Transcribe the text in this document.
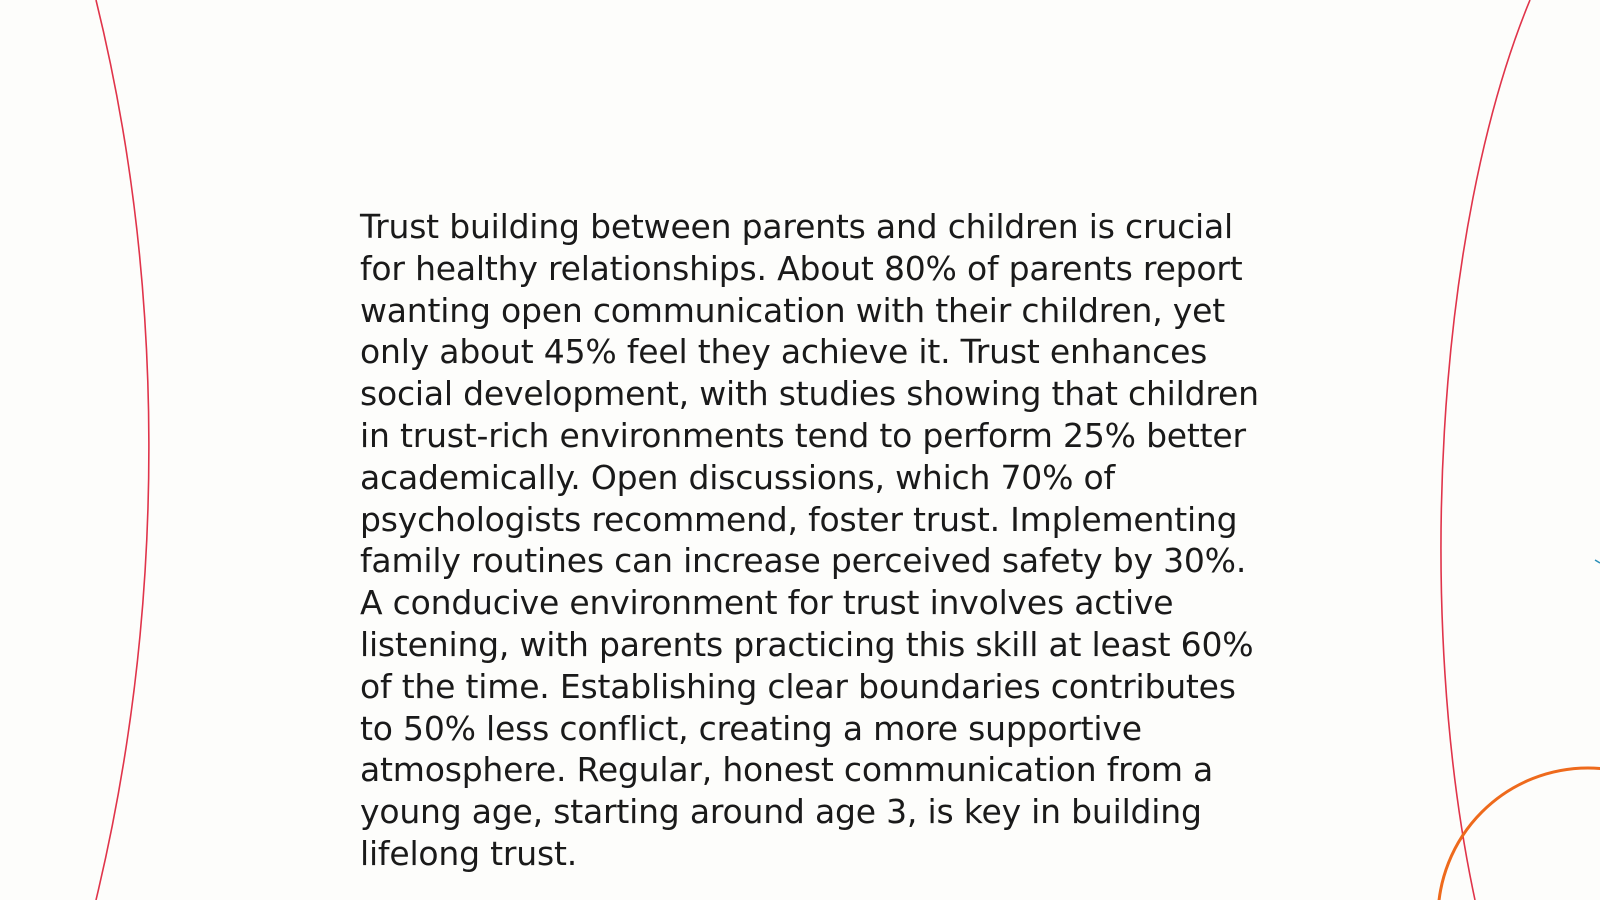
Trust building between parents and children is crucial for healthy relationships. About 80% of parents report wanting open communication with their children, yet only about 45% feel they achieve it. Trust enhances social development, with studies showing that children in trust-rich environments tend to perform 25% better academically. Open discussions, which 70% of psychologists recommend, foster trust. Implementing family routines can increase perceived safety by 30%. A conducive environment for trust involves active listening, with parents practicing this skill at least 60% of the time. Establishing clear boundaries contributes to 50% less conflict, creating a more supportive atmosphere. Regular, honest communication from a young age, starting around age 3, is key in building lifelong trust.
